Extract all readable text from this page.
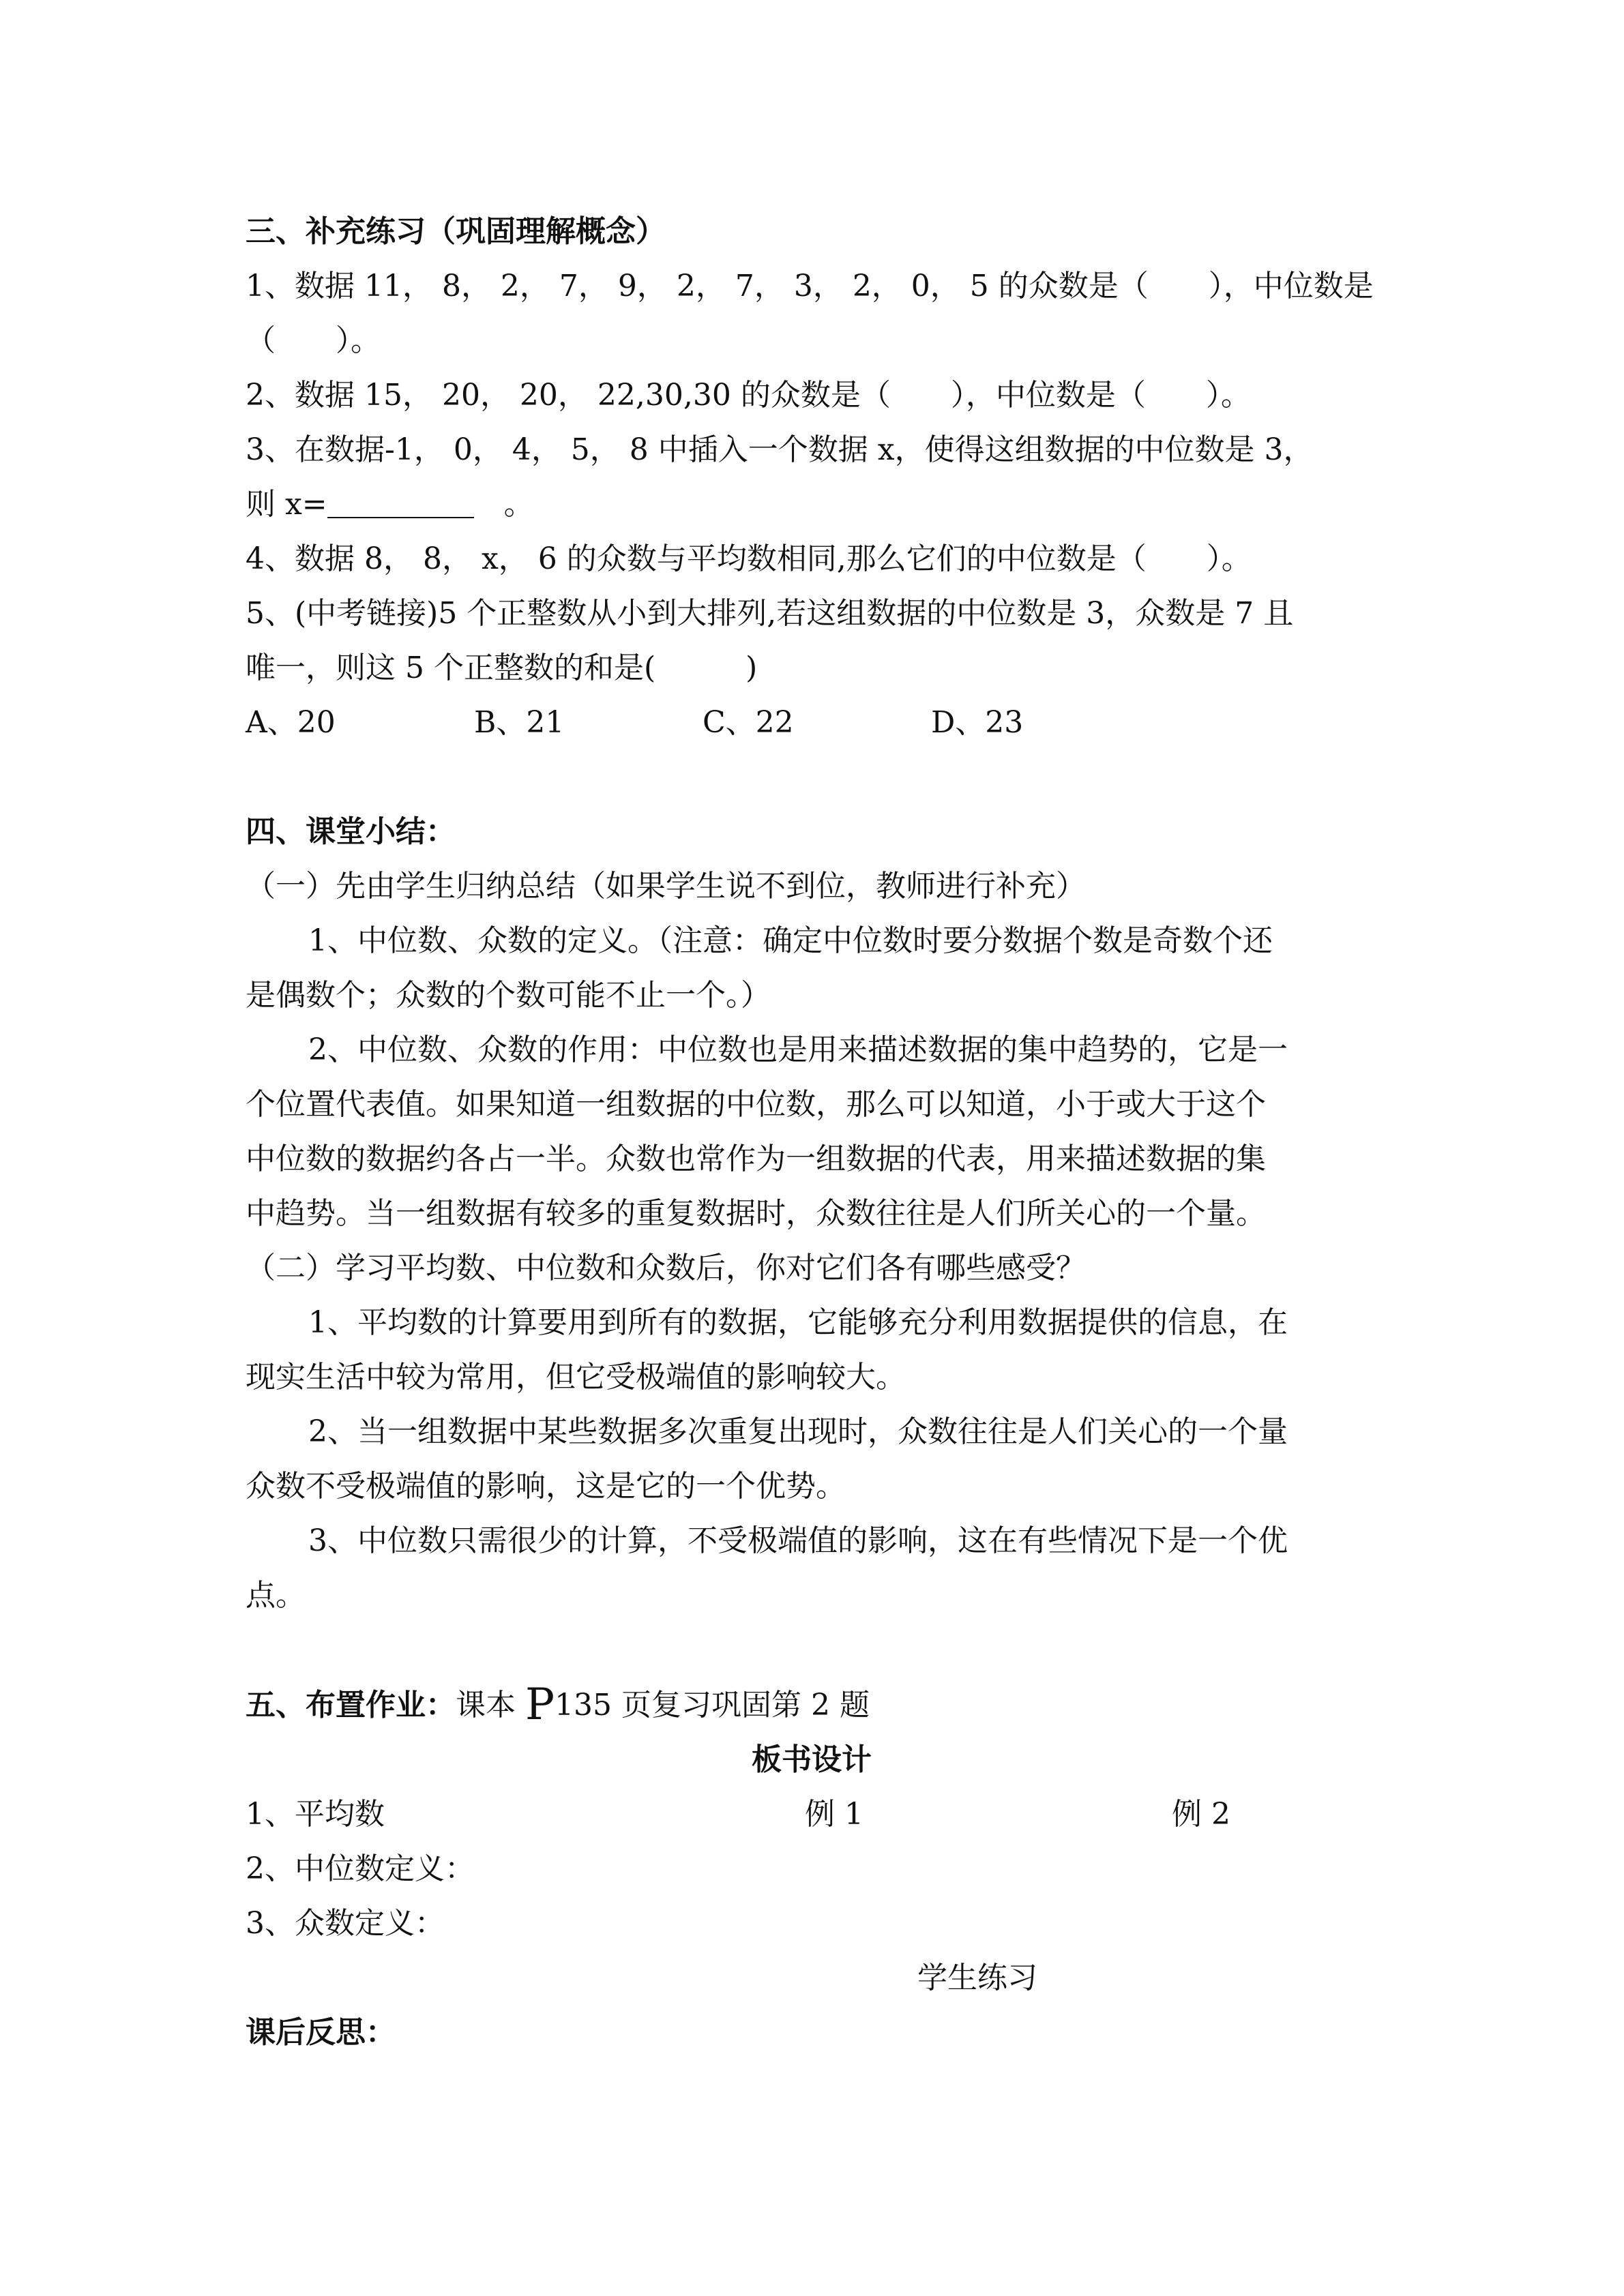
三、补充练习（巩固理解概念）
1、数据 11， 8， 2， 7， 9， 2， 7， 3， 2， 0， 5 的众数是（　　），中位数是
（　　）。
2、数据 15， 20， 20， 22,30,30 的众数是（　　），中位数是（　　）。
3、在数据-1， 0， 4， 5， 8 中插入一个数据 x，使得这组数据的中位数是 3，
则 x=	　。
4、数据 8， 8， x， 6 的众数与平均数相同,那么它们的中位数是（　　）。
5、(中考链接)5 个正整数从小到大排列,若这组数据的中位数是 3，众数是 7 且
唯一，则这 5 个正整数的和是(　　　)
A、20	B、21	C、22	D、23
四、课堂小结：
（一）先由学生归纳总结（如果学生说不到位，教师进行补充）
1、中位数、众数的定义。（注意：确定中位数时要分数据个数是奇数个还
是偶数个；众数的个数可能不止一个。）
2、中位数、众数的作用：中位数也是用来描述数据的集中趋势的，它是一
个位置代表值。如果知道一组数据的中位数，那么可以知道，小于或大于这个
中位数的数据约各占一半。众数也常作为一组数据的代表，用来描述数据的集
中趋势。当一组数据有较多的重复数据时，众数往往是人们所关心的一个量。
（二）学习平均数、中位数和众数后，你对它们各有哪些感受？
1、平均数的计算要用到所有的数据，它能够充分利用数据提供的信息，在
现实生活中较为常用，但它受极端值的影响较大。
2、当一组数据中某些数据多次重复出现时，众数往往是人们关心的一个量
众数不受极端值的影响，这是它的一个优势。
3、中位数只需很少的计算，不受极端值的影响，这在有些情况下是一个优
点。
五、布置作业：课本 P135 页复习巩固第 2 题
板书设计
1、平均数	例 1	例 2
2、中位数定义：
3、众数定义：
学生练习
课后反思：
